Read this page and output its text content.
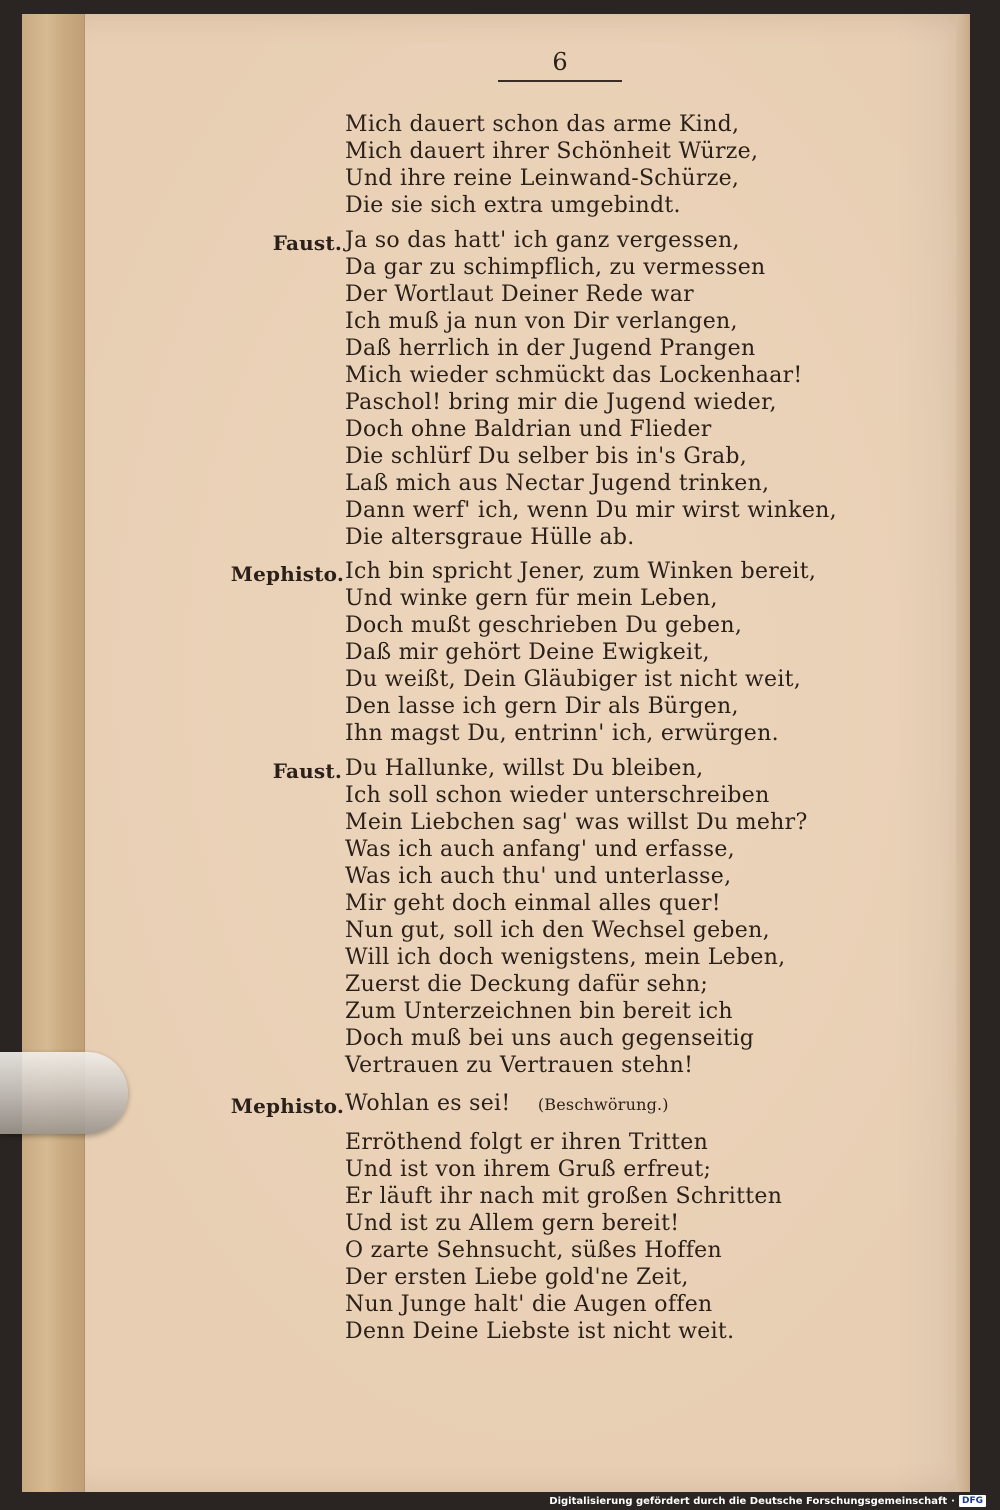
6
Mich dauert schon das arme Kind,
Mich dauert ihrer Schönheit Würze,
Und ihre reine Leinwand-Schürze,
Die sie sich extra umgebindt.
Faust. Ja so das hatt' ich ganz vergessen,
Da gar zu schimpflich, zu vermessen
Der Wortlaut Deiner Rede war
Ich muß ja nun von Dir verlangen,
Daß herrlich in der Jugend Prangen
Mich wieder schmückt das Lockenhaar!
Paschol! bring mir die Jugend wieder,
Doch ohne Baldrian und Flieder
Die schlürf Du selber bis in's Grab,
Laß mich aus Nectar Jugend trinken,
Dann werf' ich, wenn Du mir wirst winken,
Die altersgraue Hülle ab.
Mephisto. Ich bin spricht Jener, zum Winken bereit,
Und winke gern für mein Leben,
Doch mußt geschrieben Du geben,
Daß mir gehört Deine Ewigkeit,
Du weißt, Dein Gläubiger ist nicht weit,
Den lasse ich gern Dir als Bürgen,
Ihn magst Du, entrinn' ich, erwürgen.
Faust. Du Hallunke, willst Du bleiben,
Ich soll schon wieder unterschreiben
Mein Liebchen sag' was willst Du mehr?
Was ich auch anfang' und erfasse,
Was ich auch thu' und unterlasse,
Mir geht doch einmal alles quer!
Nun gut, soll ich den Wechsel geben,
Will ich doch wenigstens, mein Leben,
Zuerst die Deckung dafür sehn;
Zum Unterzeichnen bin bereit ich
Doch muß bei uns auch gegenseitig
Vertrauen zu Vertrauen stehn!
Mephisto. Wohlan es sei! (Beschwörung.)
Erröthend folgt er ihren Tritten
Und ist von ihrem Gruß erfreut;
Er läuft ihr nach mit großen Schritten
Und ist zu Allem gern bereit!
O zarte Sehnsucht, süßes Hoffen
Der ersten Liebe gold'ne Zeit,
Nun Junge halt' die Augen offen
Denn Deine Liebste ist nicht weit.
Digitalisierung gefördert durch die Deutsche Forschungsgemeinschaft · DFG
